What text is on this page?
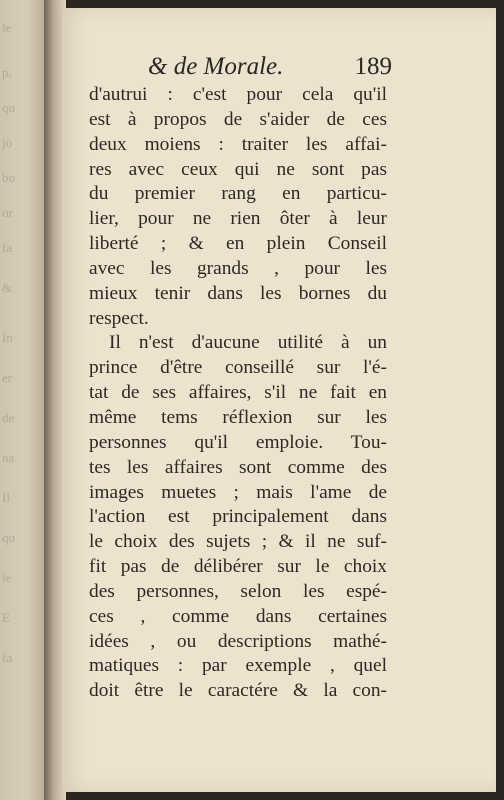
le
p,
qu
jo
bo
or
fa
&
In
er
de
na
Il
qu
le
E
fa
& de Morale.	189
d'autrui : c'est pour cela qu'il
est à propos de s'aider de ces
deux moiens : traiter les affai-
res avec ceux qui ne sont pas
du premier rang en particu-
lier, pour ne rien ôter à leur
liberté ; & en plein Conseil
avec les grands , pour les
mieux tenir dans les bornes du
respect.
Il n'est d'aucune utilité à un
prince d'être conseillé sur l'é-
tat de ses affaires, s'il ne fait en
même tems réflexion sur les
personnes qu'il emploie. Tou-
tes les affaires sont comme des
images muetes ; mais l'ame de
l'action est principalement dans
le choix des sujets ; & il ne suf-
fit pas de délibérer sur le choix
des personnes, selon les espé-
ces , comme dans certaines
idées , ou descriptions mathé-
matiques : par exemple , quel
doit être le caractére & la con-
